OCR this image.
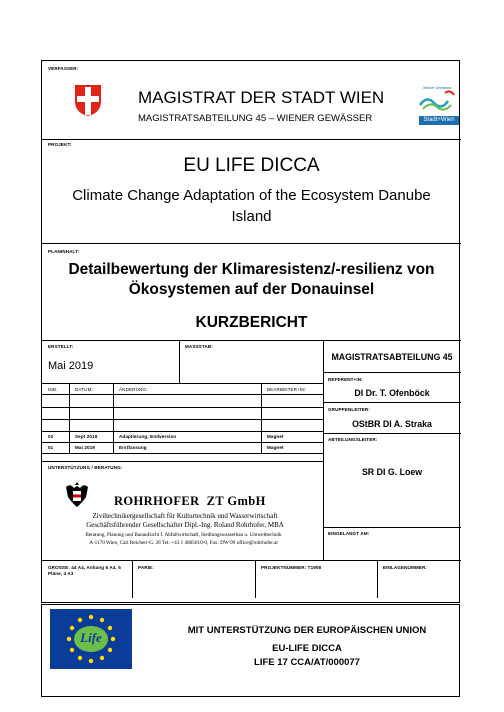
VERFASSER:
MAGISTRAT DER STADT WIEN
MAGISTRATSABTEILUNG 45 – WIENER GEWÄSSER
Wiener Gewässer
Stadt+Wien
PROJEKT:
EU LIFE DICCA
Climate Change Adaptation of the Ecosystem Danube Island
PLANINHALT:
Detailbewertung der Klimaresistenz/-resilienz von
Ökosystemen auf der Donauinsel
KURZBERICHT
ERSTELLT:
Mai 2019
MASSSTAB:
IND.	DATUM:	ÄNDERUNG:	BEARBEITER+IN:
02	Sept 2019	Adaptierung; Endversion	Magnet
01	Mai 2019	Erstfassung	Magnet
UNTERSTÜTZUNG / BERATUNG:
ROHRHOFER  ZT GmbH
Ziviltechnikergesellschaft für Kulturtechnik und Wasserwirtschaft
Geschäftsführender Gesellschafter Dipl.-Ing. Roland Rohrhofer, MBA
Beratung, Planung und Bauaufsicht f. Abfallwirtschaft, Siedlungswasserbau u. Umwelttechnik
A-1170 Wien, Carl Reichert-G. 28 Tel: +43 1 4805010-0, Fax: DW-99 office@rohrhofer.at
MAGISTRATSABTEILUNG 45
REFERENT+IN:
DI Dr. T. Ofenböck
GRUPPENLEITER:
OStBR DI A. Straka
ABTEILUNGSLEITER:
SR DI G. Loew
EINGELANGT AM:
GROSSE: 44 A4, Anhang 6 A4, 5 Pläne, 4 A3
PARIE:	PROJEKTNUMMER: T1908	EINLAGENUMMER:
Life	MIT UNTERSTÜTZUNG DER EUROPÄISCHEN UNION
EU-LIFE DICCA
LIFE 17 CCA/AT/000077
